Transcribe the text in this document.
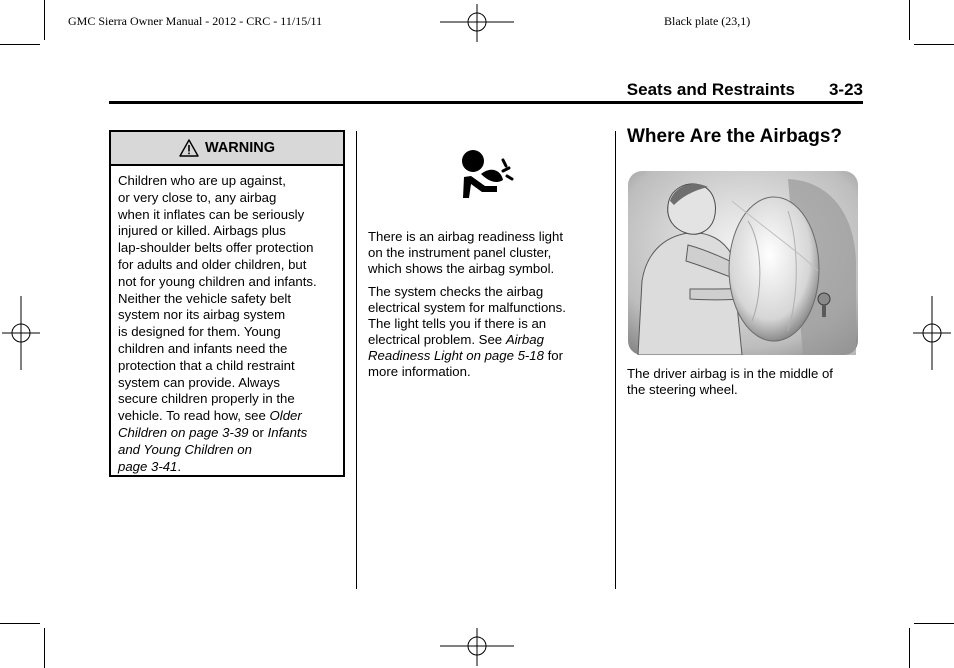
GMC Sierra Owner Manual - 2012 - CRC - 11/15/11	Black plate (23,1)
Seats and Restraints 3-23
WARNING
Children who are up against,
or very close to, any airbag
when it inflates can be seriously
injured or killed. Airbags plus
lap-shoulder belts offer protection
for adults and older children, but
not for young children and infants.
Neither the vehicle safety belt
system nor its airbag system
is designed for them. Young
children and infants need the
protection that a child restraint
system can provide. Always
secure children properly in the
vehicle. To read how, see Older
Children on page 3-39 or Infants
and Young Children on
page 3-41.

There is an airbag readiness light
on the instrument panel cluster,
which shows the airbag symbol.

The system checks the airbag
electrical system for malfunctions.
The light tells you if there is an
electrical problem. See Airbag
Readiness Light on page 5-18 for
more information.

Where Are the Airbags?
The driver airbag is in the middle of
the steering wheel.
